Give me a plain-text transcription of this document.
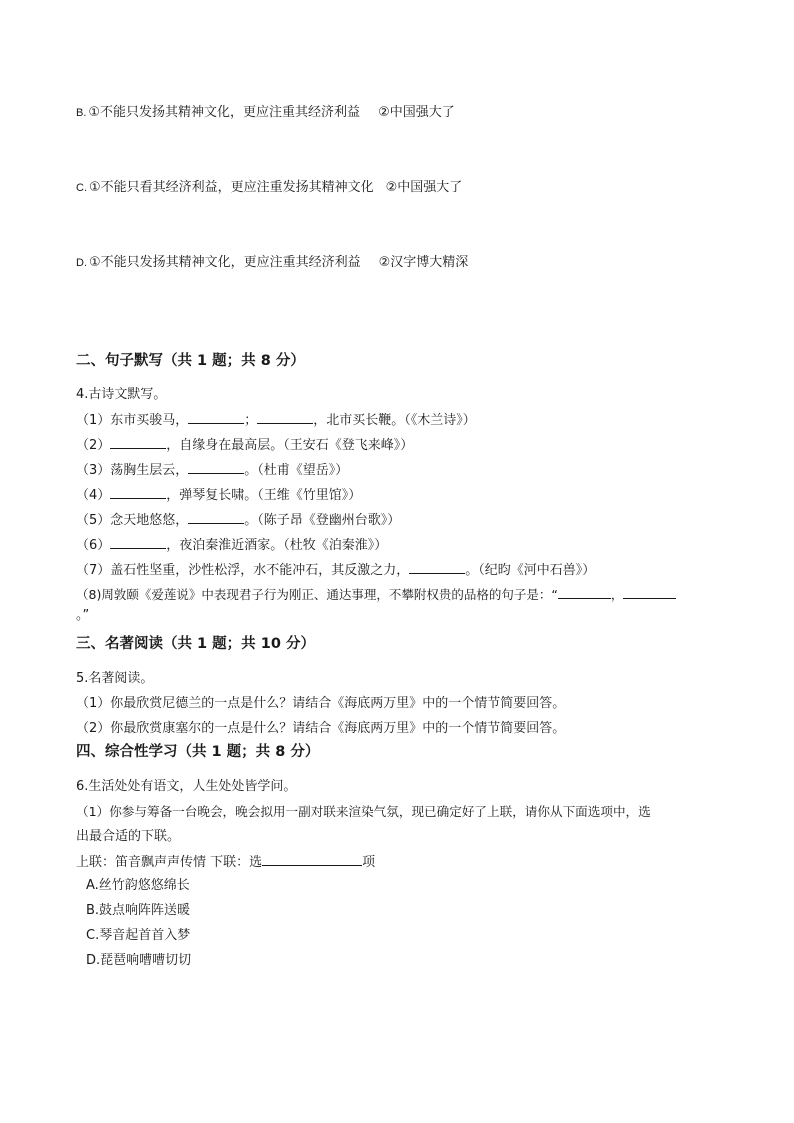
B. ①不能只发扬其精神文化，更应注重其经济利益 ②中国强大了
C. ①不能只看其经济利益，更应注重发扬其精神文化 ②中国强大了
D. ①不能只发扬其精神文化，更应注重其经济利益 ②汉字博大精深
二、句子默写（共 1 题；共 8 分）
4.古诗文默写。
（1）东市买骏马，	；	，北市买长鞭。（《木兰诗》）
（2）	，自缘身在最高层。（王安石《登飞来峰》）
（3）荡胸生层云，	。（杜甫《望岳》）
（4）	，弹琴复长啸。（王维《竹里馆》）
（5）念天地悠悠，	。（陈子昂《登幽州台歌》）
（6）	，夜泊秦淮近酒家。（杜牧《泊秦淮》）
（7）盖石性坚重，沙性松浮，水不能冲石，其反激之力，	。（纪昀《河中石兽》）
（8)周敦颐《爱莲说》中表现君子行为刚正、通达事理，不攀附权贵的品格的句子是：“	，
。”
三、名著阅读（共 1 题；共 10 分）
5.名著阅读。
（1）你最欣赏尼德兰的一点是什么？请结合《海底两万里》中的一个情节简要回答。
（2）你最欣赏康塞尔的一点是什么？请结合《海底两万里》中的一个情节简要回答。
四、综合性学习（共 1 题；共 8 分）
6.生活处处有语文，人生处处皆学问。
（1）你参与筹备一台晚会，晚会拟用一副对联来渲染气氛，现已确定好了上联，请你从下面选项中，选
出最合适的下联。
上联：笛音飘声声传情 下联：选	项
A.丝竹韵悠悠绵长
B.鼓点响阵阵送暖
C.琴音起首首入梦
D.琵琶响嘈嘈切切
